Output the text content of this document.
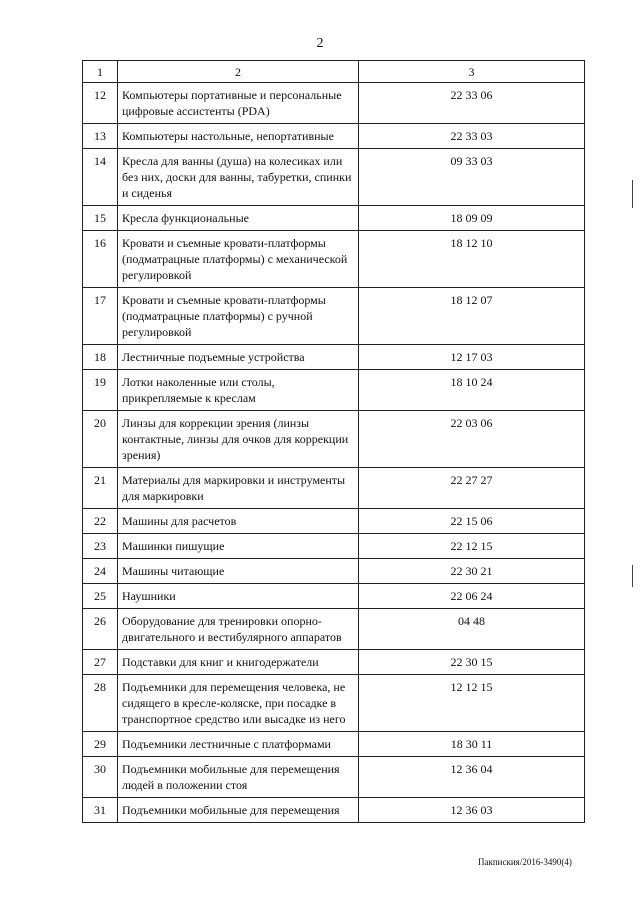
2
1	2	3
12	Компьютеры портативные и персональные цифровые ассистенты (PDA)	22 33 06
13	Компьютеры настольные, непортативные	22 33 03
14	Кресла для ванны (душа) на колесиках или без них, доски для ванны, табуретки, спинки и сиденья	09 33 03
15	Кресла функциональные	18 09 09
16	Кровати и съемные кровати-платформы (подматрацные платформы) с механической регулировкой	18 12 10
17	Кровати и съемные кровати-платформы (подматрацные платформы) с ручной регулировкой	18 12 07
18	Лестничные подъемные устройства	12 17 03
19	Лотки наколенные или столы, прикрепляемые к креслам	18 10 24
20	Линзы для коррекции зрения (линзы контактные, линзы для очков для коррекции зрения)	22 03 06
21	Материалы для маркировки и инструменты для маркировки	22 27 27
22	Машины для расчетов	22 15 06
23	Машинки пишущие	22 12 15
24	Машины читающие	22 30 21
25	Наушники	22 06 24
26	Оборудование для тренировки опорно-двигательного и вестибулярного аппаратов	04 48
27	Подставки для книг и книгодержатели	22 30 15
28	Подъемники для перемещения человека, не сидящего в кресле-коляске, при посадке в транспортное средство или высадке из него	12 12 15
29	Подъемники лестничные с платформами	18 30 11
30	Подъемники мобильные для перемещения людей в положении стоя	12 36 04
31	Подъемники мобильные для перемещения	12 36 03
Пакпиския/2016-3490(4)
